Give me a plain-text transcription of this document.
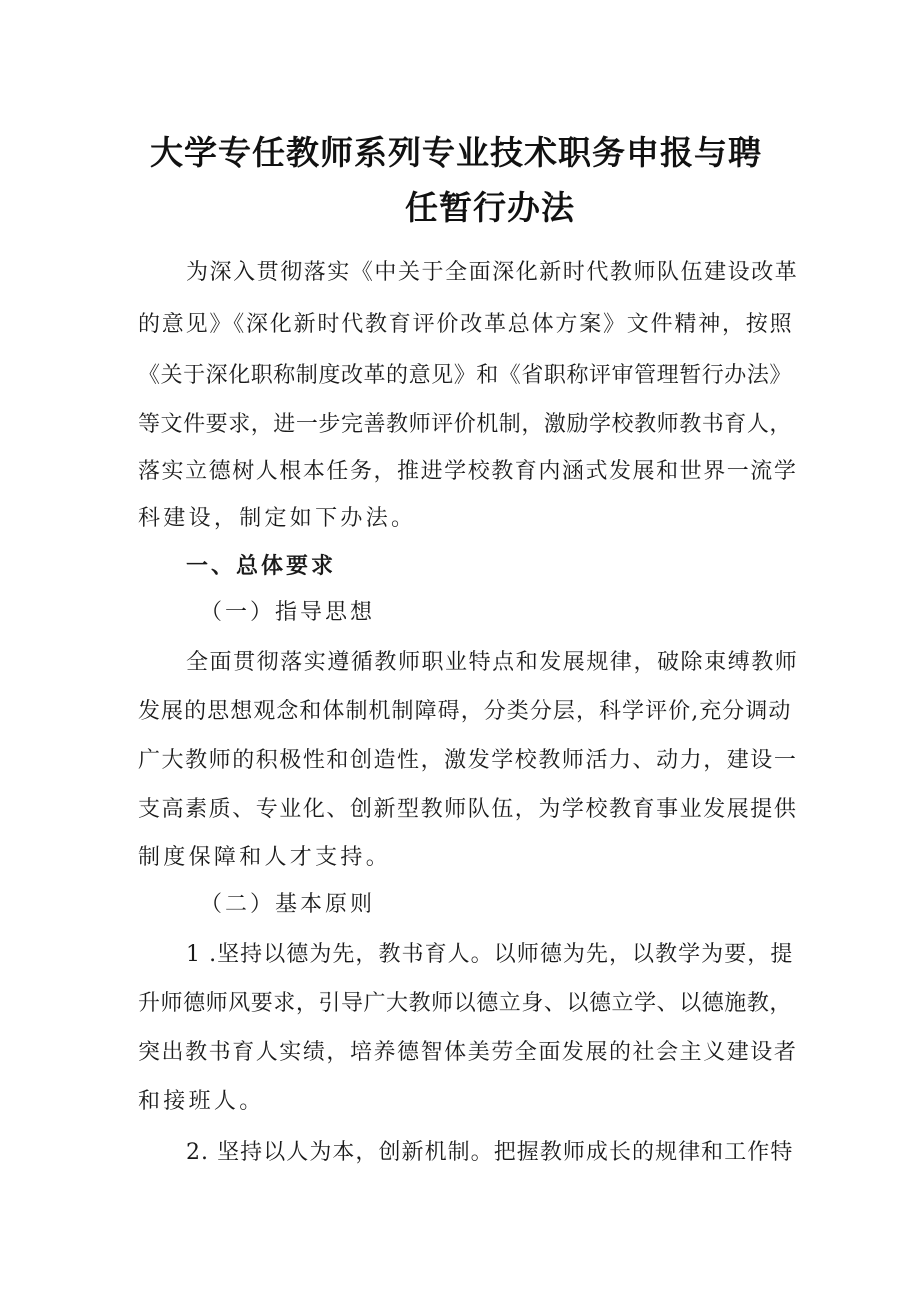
大学专任教师系列专业技术职务申报与聘
任暂行办法
为深入贯彻落实《中关于全面深化新时代教师队伍建设改革
的意见》《深化新时代教育评价改革总体方案》文件精神，按照
《关于深化职称制度改革的意见》和《省职称评审管理暂行办法》
等文件要求，进一步完善教师评价机制，激励学校教师教书育人，
落实立德树人根本任务，推进学校教育内涵式发展和世界一流学
科建设，制定如下办法。
一、总体要求
（一）指导思想
全面贯彻落实遵循教师职业特点和发展规律，破除束缚教师
发展的思想观念和体制机制障碍，分类分层，科学评价,充分调动
广大教师的积极性和创造性，激发学校教师活力、动力，建设一
支高素质、专业化、创新型教师队伍，为学校教育事业发展提供
制度保障和人才支持。
（二）基本原则
1 .坚持以德为先，教书育人。以师德为先，以教学为要，提
升师德师风要求，引导广大教师以德立身、以德立学、以德施教，
突出教书育人实绩，培养德智体美劳全面发展的社会主义建设者
和接班人。
2. 坚持以人为本，创新机制。把握教师成长的规律和工作特
